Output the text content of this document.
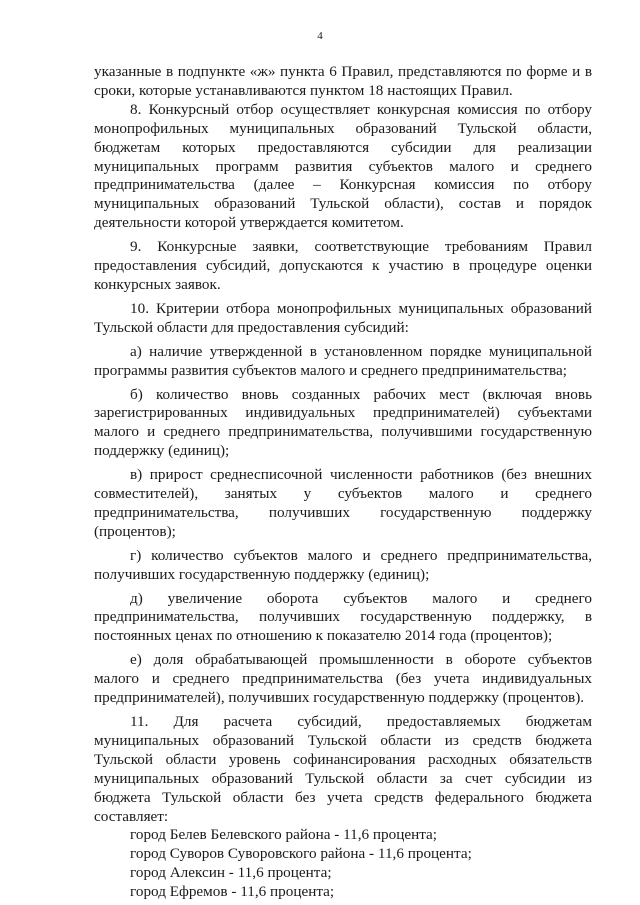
4

указанные в подпункте «ж» пункта 6 Правил, представляются по форме и в сроки, которые устанавливаются пунктом 18 настоящих Правил.

8. Конкурсный отбор осуществляет конкурсная комиссия по отбору монопрофильных муниципальных образований Тульской области, бюджетам которых предоставляются субсидии для реализации муниципальных программ развития субъектов малого и среднего предпринимательства (далее – Конкурсная комиссия по отбору муниципальных образований Тульской области), состав и порядок деятельности которой утверждается комитетом.

9. Конкурсные заявки, соответствующие требованиям Правил предоставления субсидий, допускаются к участию в процедуре оценки конкурсных заявок.

10. Критерии отбора монопрофильных муниципальных образований Тульской области для предоставления субсидий:

а) наличие утвержденной в установленном порядке муниципальной программы развития субъектов малого и среднего предпринимательства;

б) количество вновь созданных рабочих мест (включая вновь зарегистрированных индивидуальных предпринимателей) субъектами малого и среднего предпринимательства, получившими государственную поддержку (единиц);

в) прирост среднесписочной численности работников (без внешних совместителей), занятых у субъектов малого и среднего предпринимательства, получивших государственную поддержку (процентов);

г) количество субъектов малого и среднего предпринимательства, получивших государственную поддержку (единиц);

д) увеличение оборота субъектов малого и среднего предпринимательства, получивших государственную поддержку, в постоянных ценах по отношению к показателю 2014 года (процентов);

е) доля обрабатывающей промышленности в обороте субъектов малого и среднего предпринимательства (без учета индивидуальных предпринимателей), получивших государственную поддержку (процентов).

11. Для расчета субсидий, предоставляемых бюджетам муниципальных образований Тульской области из средств бюджета Тульской области уровень софинансирования расходных обязательств муниципальных образований Тульской области за счет субсидии из бюджета Тульской области без учета средств федерального бюджета составляет:

город Белев Белевского района - 11,6 процента;

город Суворов Суворовского района - 11,6 процента;

город Алексин - 11,6 процента;

город Ефремов - 11,6 процента;
